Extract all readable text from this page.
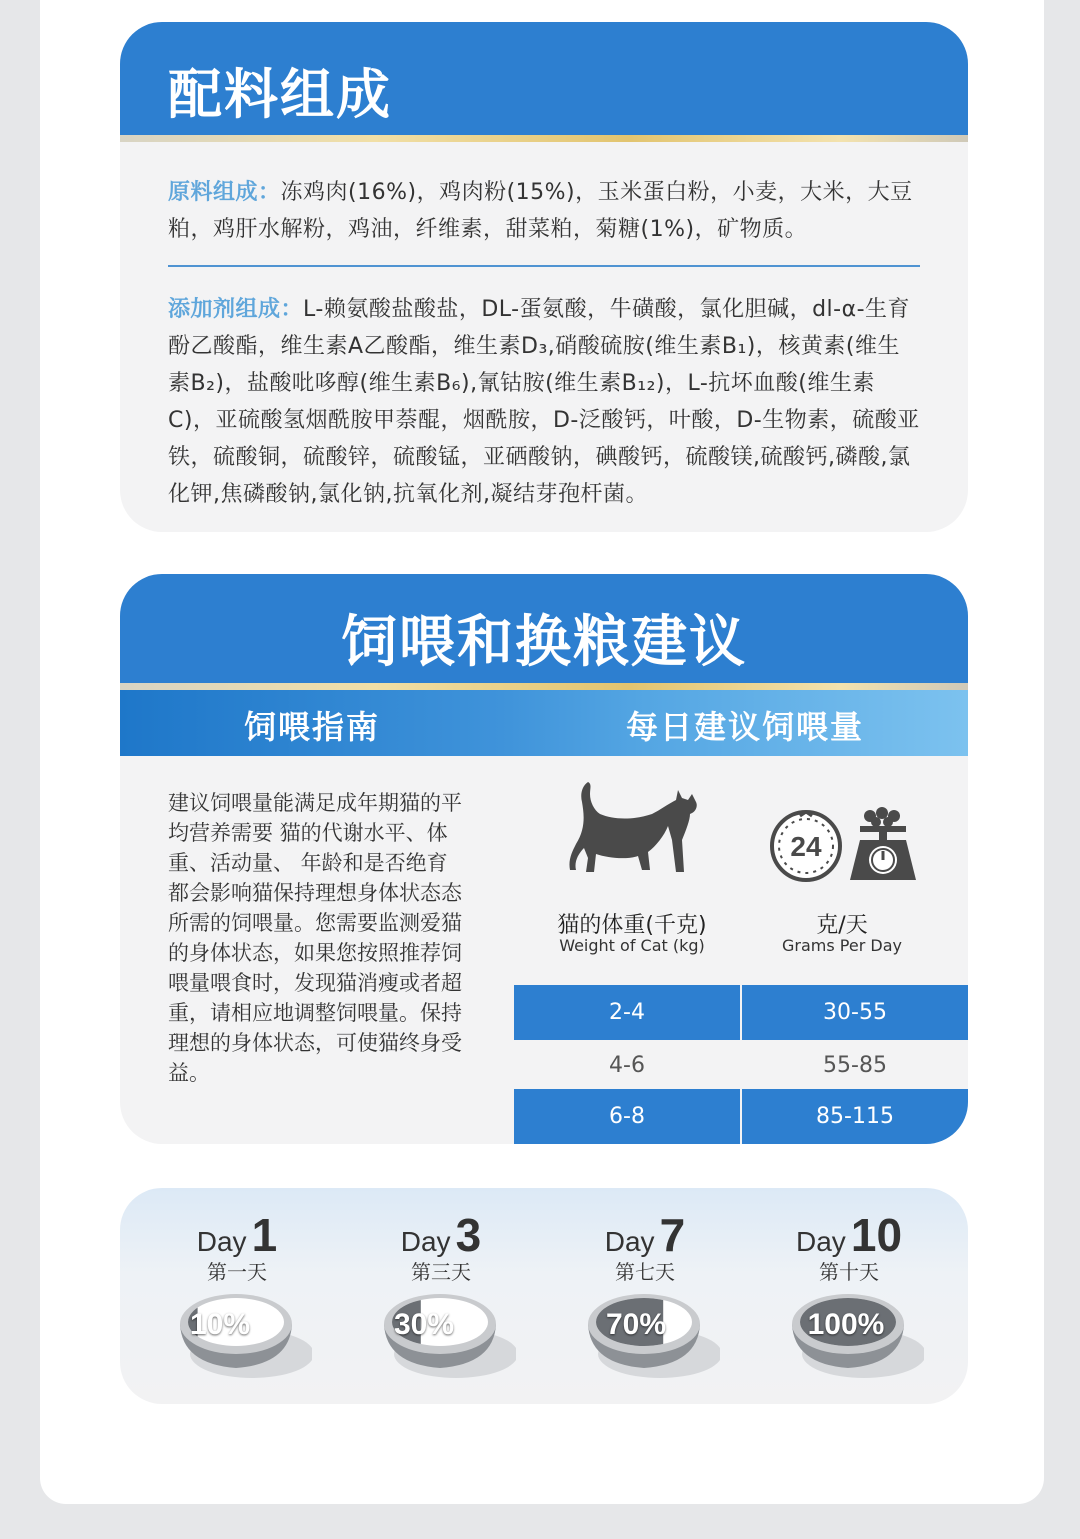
配料组成
原料组成：冻鸡肉(16%)，鸡肉粉(15%)，玉米蛋白粉，小麦，大米，大豆粕，鸡肝水解粉，鸡油，纤维素，甜菜粕，菊糖(1%)，矿物质。
添加剂组成：L-赖氨酸盐酸盐，DL-蛋氨酸，牛磺酸，氯化胆碱，dl-α-生育酚乙酸酯，维生素A乙酸酯，维生素D₃,硝酸硫胺(维生素B₁)，核黄素(维生素B₂)，盐酸吡哆醇(维生素B₆),氰钴胺(维生素B₁₂)，L-抗坏血酸(维生素C)，亚硫酸氢烟酰胺甲萘醌，烟酰胺，D-泛酸钙，叶酸，D-生物素，硫酸亚铁，硫酸铜，硫酸锌，硫酸锰，亚硒酸钠，碘酸钙，硫酸镁,硫酸钙,磷酸,氯化钾,焦磷酸钠,氯化钠,抗氧化剂,凝结芽孢杆菌。
饲喂和换粮建议
饲喂指南	每日建议饲喂量
建议饲喂量能满足成年期猫的平均营养需要 猫的代谢水平、体重、活动量、 年龄和是否绝育都会影响猫保持理想身体状态态所需的饲喂量。您需要监测爱猫的身体状态，如果您按照推荐饲喂量喂食时，发现猫消瘦或者超重，请相应地调整饲喂量。保持理想的身体状态，可使猫终身受益。
24
猫的体重(千克)
Weight of Cat (kg)
克/天
Grams Per Day
2-4	30-55
4-6	55-85
6-8	85-115
Day 1
第一天
Day 3
第三天
Day 7
第七天
Day 10
第十天
10%	30%	70%	100%
